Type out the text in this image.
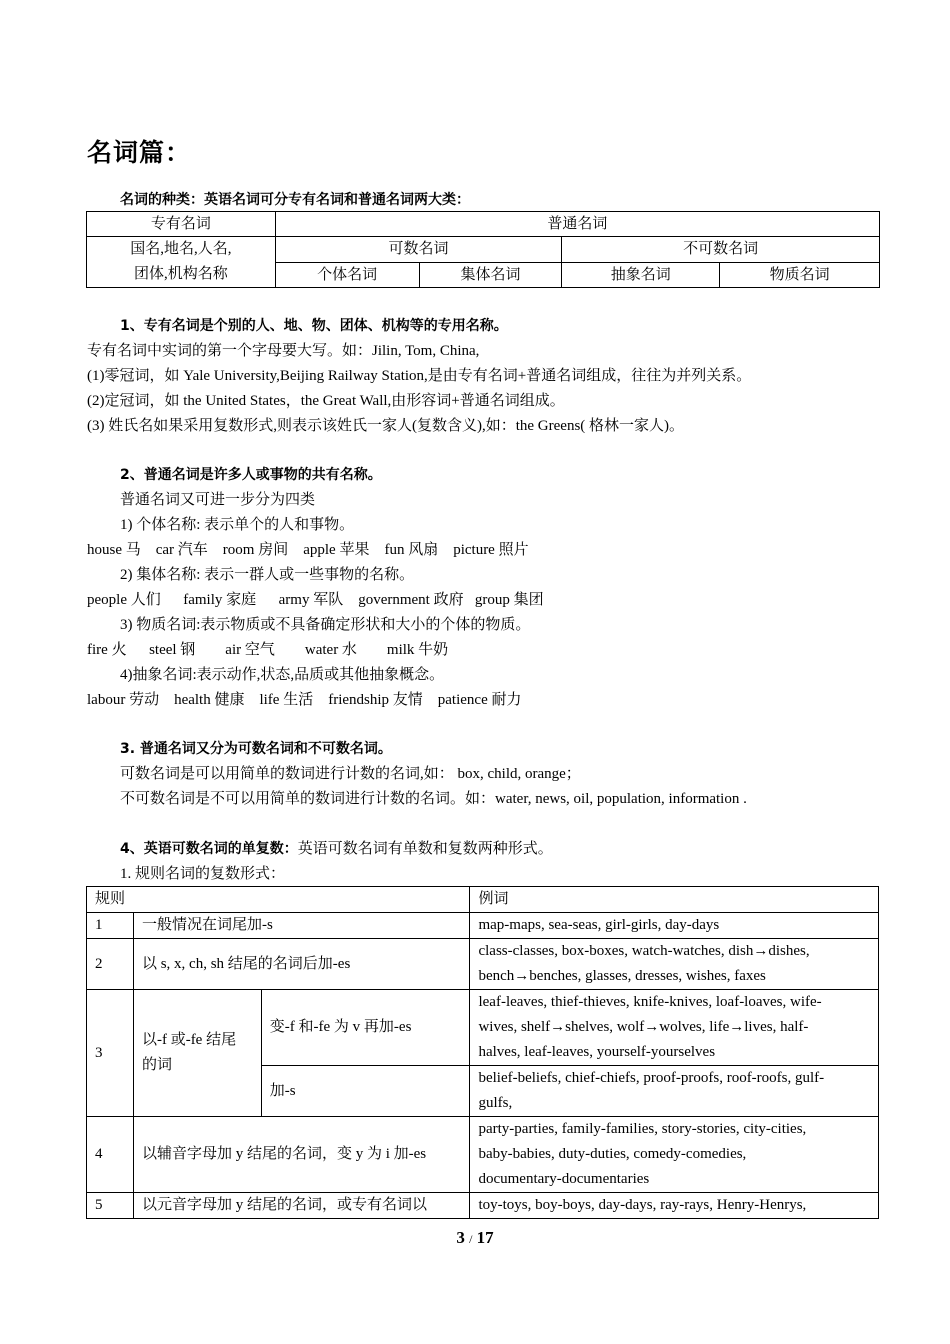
名词篇：
名词的种类：英语名词可分专有名词和普通名词两大类：
专有名词	普通名词			
国名,地名,人名,
团体,机构名称	可数名词		不可数名词	
	个体名词	集体名词	抽象名词	物质名词
1、专有名词是个别的人、地、物、团体、机构等的专用名称。
专有名词中实词的第一个字母要大写。如：Jilin, Tom, China,
(1)零冠词，如 Yale University,Beijing Railway Station,是由专有名词+普通名词组成，往往为并列关系。
(2)定冠词，如 the United States，the Great Wall,由形容词+普通名词组成。
(3) 姓氏名如果采用复数形式,则表示该姓氏一家人(复数含义),如：the Greens( 格林一家人)。
2、普通名词是许多人或事物的共有名称。
普通名词又可进一步分为四类
1) 个体名称: 表示单个的人和事物。
house 马    car 汽车    room 房间    apple 苹果    fun 风扇    picture 照片
2) 集体名称: 表示一群人或一些事物的名称。
people 人们      family 家庭      army 军队    government 政府   group 集团
3) 物质名词:表示物质或不具备确定形状和大小的个体的物质。
fire 火      steel 钢        air 空气        water 水        milk 牛奶
4)抽象名词:表示动作,状态,品质或其他抽象概念。
labour 劳动    health 健康    life 生活    friendship 友情    patience 耐力
3. 普通名词又分为可数名词和不可数名词。
可数名词是可以用简单的数词进行计数的名词,如： box, child, orange；
不可数名词是不可以用简单的数词进行计数的名词。如：water, news, oil, population, information .
4、英语可数名词的单复数：英语可数名词有单数和复数两种形式。
1. 规则名词的复数形式：
规则			例词
1	一般情况在词尾加-s		map-maps, sea-seas, girl-girls, day-days
2	以 s, x, ch, sh 结尾的名词后加-es		class-classes, box-boxes, watch-watches, dish→dishes,
bench→benches, glasses, dresses, wishes, faxes
3	以-f 或-fe 结尾
的词	变-f 和-fe 为 v 再加-es	leaf-leaves, thief-thieves, knife-knives, loaf-loaves, wife-
wives, shelf→shelves, wolf→wolves, life→lives, half-
halves, leaf-leaves, yourself-yourselves
		加-s	belief-beliefs, chief-chiefs, proof-proofs, roof-roofs, gulf-
gulfs,
4	以辅音字母加 y 结尾的名词，变 y 为 i 加-es		party-parties, family-families, story-stories, city-cities,
baby-babies, duty-duties, comedy-comedies,
documentary-documentaries
5	以元音字母加 y 结尾的名词，或专有名词以		toy-toys, boy-boys, day-days, ray-rays, Henry-Henrys,
3 / 17
